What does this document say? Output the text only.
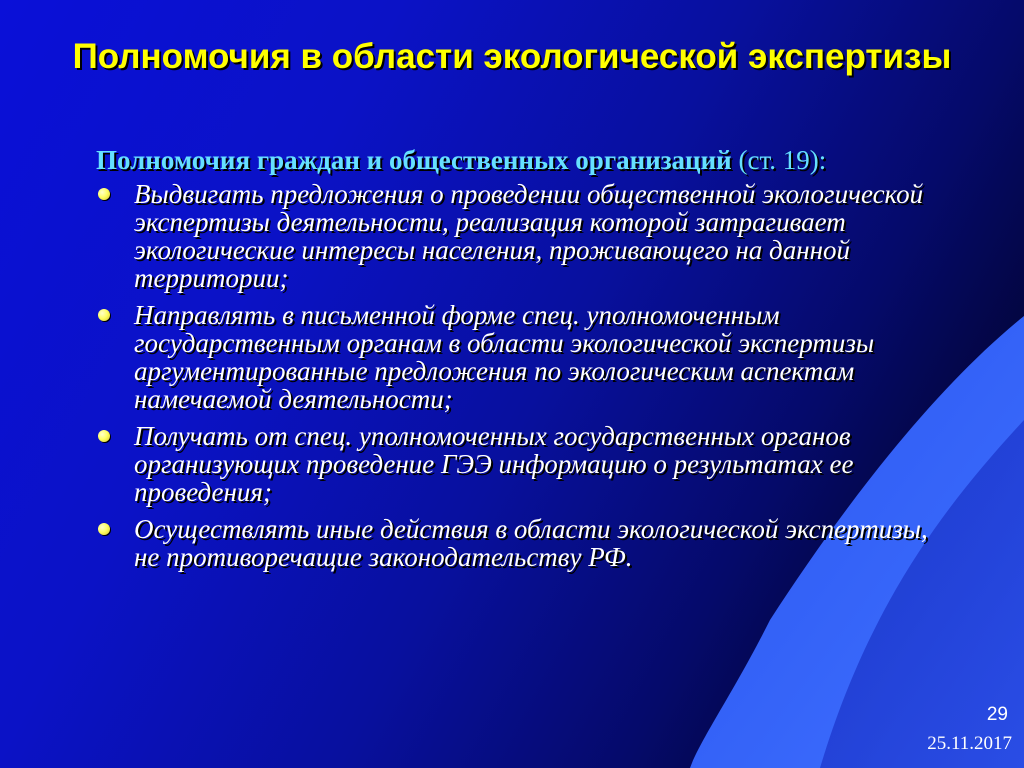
Полномочия в области экологической экспертизы

Полномочия граждан и общественных организаций (ст. 19):

Выдвигать предложения о проведении общественной экологической экспертизы деятельности, реализация которой затрагивает экологические интересы населения, проживающего на данной территории;
Направлять в письменной форме спец. уполномоченным государственным органам в области экологической экспертизы аргументированные предложения по экологическим аспектам намечаемой деятельности;
Получать от спец. уполномоченных государственных органов организующих проведение ГЭЭ информацию о результатах ее проведения;
Осуществлять иные действия в области экологической экспертизы, не противоречащие законодательству РФ.
29
25.11.2017
